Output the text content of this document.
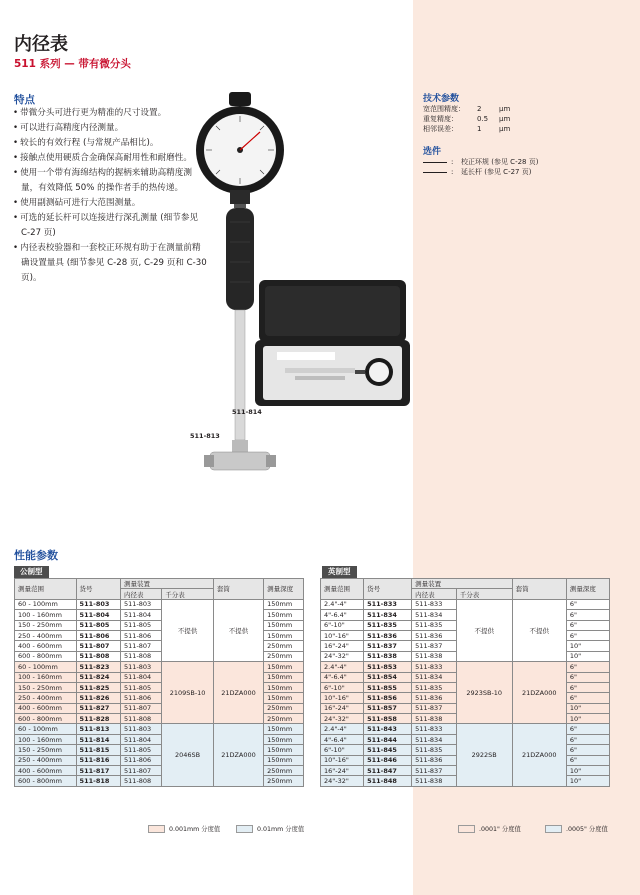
内径表
511 系列 — 带有微分头
特点
• 带微分头可进行更为精准的尺寸设置。
• 可以进行高精度内径测量。
• 较长的有效行程 (与常规产品相比)。
• 接触点使用硬质合金确保高耐用性和耐磨性。
• 使用一个带有海绵结构的握柄来辅助高精度测量，有效降低 50% 的操作者手的热传递。
• 使用副测砧可进行大范围测量。
• 可选的延长杆可以连接进行深孔测量 (细节参见 C-27 页)
• 内径表校验器和一套校正环规有助于在测量前精确设置量具 (细节参见 C-28 页, C-29 页和 C-30 页)。
技术参数
宽范围精度：	2	μm
重复精度：	0.5	μm
相邻误差：	1	μm
选件
:	校正环规 (参见 C-28 页)
:	延长杆 (参见 C-27 页)
511-814
511-813
性能参数
公制型	英制型
测量范围	货号	测量装置		套筒	测量深度
		内径表	千分表		
60 - 100mm	511-803	511-803	不提供	不提供	150mm
100 - 160mm	511-804	511-804			150mm
150 - 250mm	511-805	511-805			150mm
250 - 400mm	511-806	511-806			150mm
400 - 600mm	511-807	511-807			250mm
600 - 800mm	511-808	511-808			250mm
60 - 100mm	511-823	511-803	2109SB-10	21DZA000	150mm
100 - 160mm	511-824	511-804			150mm
150 - 250mm	511-825	511-805			150mm
250 - 400mm	511-826	511-806			150mm
400 - 600mm	511-827	511-807			250mm
600 - 800mm	511-828	511-808			250mm
60 - 100mm	511-813	511-803	2046SB	21DZA000	150mm
100 - 160mm	511-814	511-804			150mm
150 - 250mm	511-815	511-805			150mm
250 - 400mm	511-816	511-806			150mm
400 - 600mm	511-817	511-807			250mm
600 - 800mm	511-818	511-808			250mm
测量范围	货号	测量装置		套筒	测量深度
		内径表	千分表		
2.4"-4"	511-833	511-833	不提供	不提供	6"
4"-6.4"	511-834	511-834			6"
6"-10"	511-835	511-835			6"
10"-16"	511-836	511-836			6"
16"-24"	511-837	511-837			10"
24"-32"	511-838	511-838			10"
2.4"-4"	511-853	511-833	2923SB-10	21DZA000	6"
4"-6.4"	511-854	511-834			6"
6"-10"	511-855	511-835			6"
10"-16"	511-856	511-836			6"
16"-24"	511-857	511-837			10"
24"-32"	511-858	511-838			10"
2.4"-4"	511-843	511-833	2922SB	21DZA000	6"
4"-6.4"	511-844	511-834			6"
6"-10"	511-845	511-835			6"
10"-16"	511-846	511-836			6"
16"-24"	511-847	511-837			10"
24"-32"	511-848	511-838			10"
0.001mm 分度值	0.01mm 分度值	.0001" 分度值	.0005" 分度值
